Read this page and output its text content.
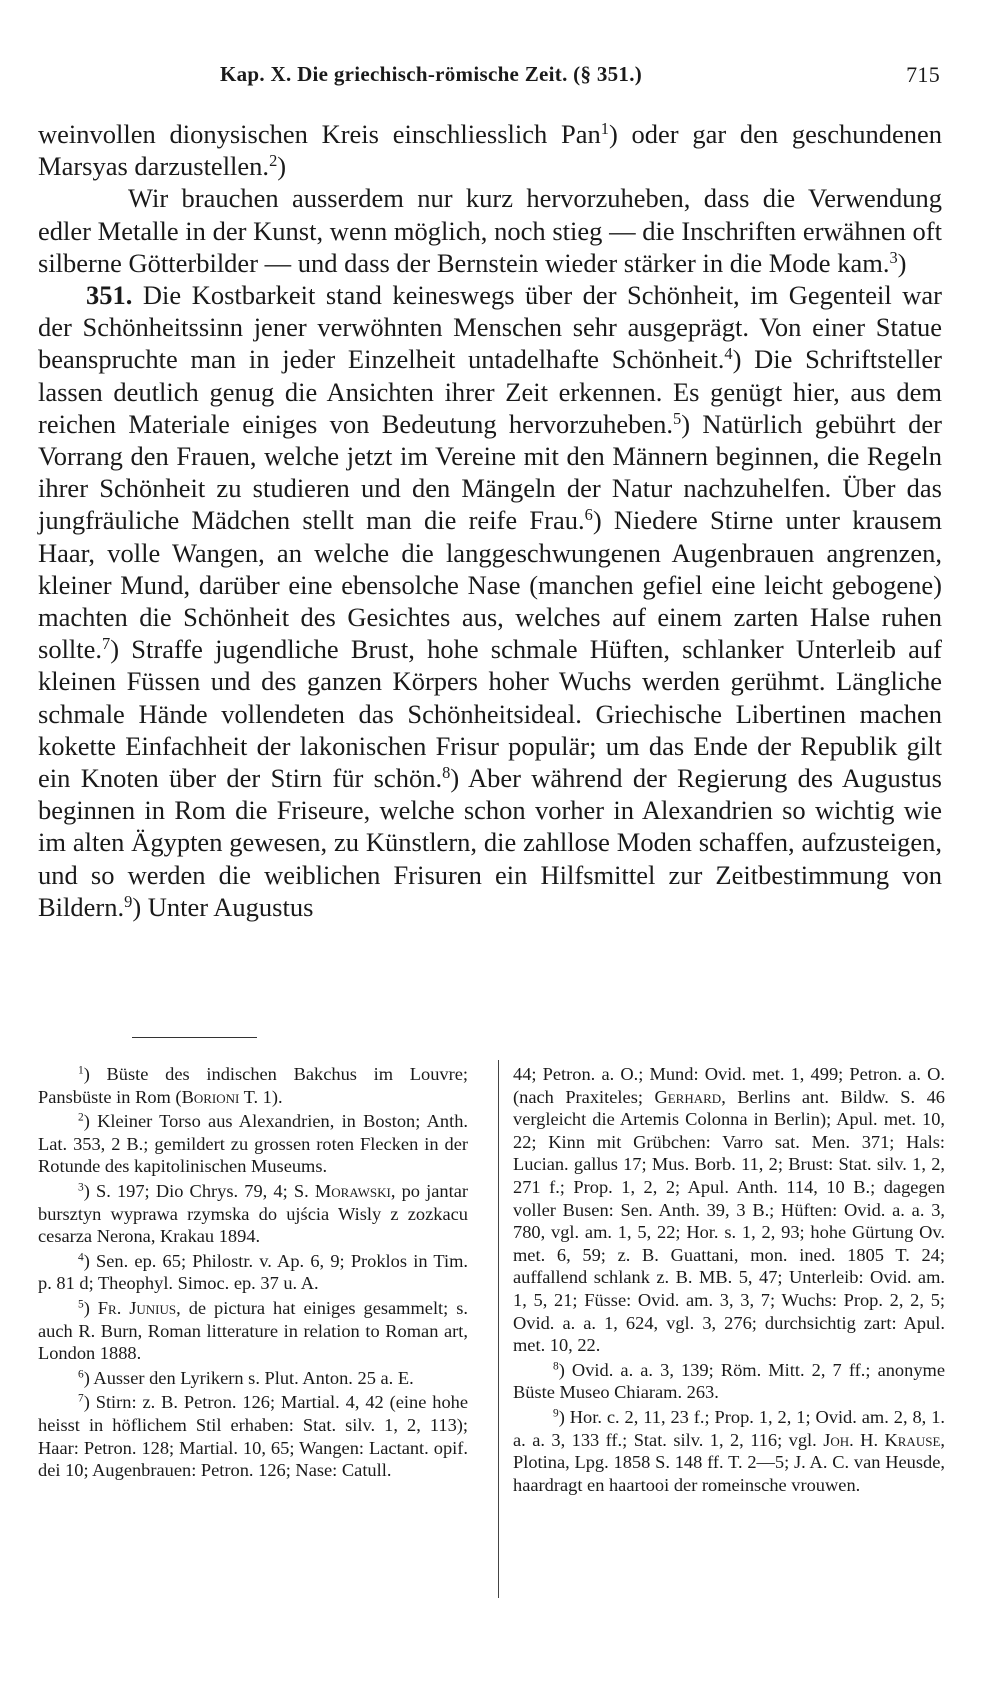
Kap. X. Die griechisch-römische Zeit. (§ 351.)	715

weinvollen dionysischen Kreis einschliesslich Pan$^1$) oder gar den geschundenen Marsyas darzustellen.$^2$)

Wir brauchen ausserdem nur kurz hervorzuheben, dass die Verwendung edler Metalle in der Kunst, wenn möglich, noch stieg — die Inschriften erwähnen oft silberne Götterbilder — und dass der Bernstein wieder stärker in die Mode kam.$^3$)

351. Die Kostbarkeit stand keineswegs über der Schönheit, im Gegenteil war der Schönheitssinn jener verwöhnten Menschen sehr ausgeprägt. Von einer Statue beanspruchte man in jeder Einzelheit untadelhafte Schönheit.$^4$) Die Schriftsteller lassen deutlich genug die Ansichten ihrer Zeit erkennen. Es genügt hier, aus dem reichen Materiale einiges von Bedeutung hervorzuheben.$^5$) Natürlich gebührt der Vorrang den Frauen, welche jetzt im Vereine mit den Männern beginnen, die Regeln ihrer Schönheit zu studieren und den Mängeln der Natur nachzuhelfen. Über das jungfräuliche Mädchen stellt man die reife Frau.$^6$) Niedere Stirne unter krausem Haar, volle Wangen, an welche die langgeschwungenen Augenbrauen angrenzen, kleiner Mund, darüber eine ebensolche Nase (manchen gefiel eine leicht gebogene) machten die Schönheit des Gesichtes aus, welches auf einem zarten Halse ruhen sollte.$^7$) Straffe jugendliche Brust, hohe schmale Hüften, schlanker Unterleib auf kleinen Füssen und des ganzen Körpers hoher Wuchs werden gerühmt. Längliche schmale Hände vollendeten das Schönheitsideal. Griechische Libertinen machen kokette Einfachheit der lakonischen Frisur populär; um das Ende der Republik gilt ein Knoten über der Stirn für schön.$^8$) Aber während der Regierung des Augustus beginnen in Rom die Friseure, welche schon vorher in Alexandrien so wichtig wie im alten Ägypten gewesen, zu Künstlern, die zahllose Moden schaffen, aufzusteigen, und so werden die weiblichen Frisuren ein Hilfsmittel zur Zeitbestimmung von Bildern.$^9$) Unter Augustus

$^1$) Büste des indischen Bakchus im Louvre; Pansbüste in Rom (Borioni T. 1).

$^2$) Kleiner Torso aus Alexandrien, in Boston; Anth. Lat. 353, 2 B.; gemildert zu grossen roten Flecken in der Rotunde des kapitolinischen Museums.

$^3$) S. 197; Dio Chrys. 79, 4; S. Morawski, po jantar bursztyn wyprawa rzymska do ujścia Wisly z zozkacu cesarza Nerona, Krakau 1894.

$^4$) Sen. ep. 65; Philostr. v. Ap. 6, 9; Proklos in Tim. p. 81 d; Theophyl. Simoc. ep. 37 u. A.

$^5$) Fr. Junius, de pictura hat einiges gesammelt; s. auch R. Burn, Roman litterature in relation to Roman art, London 1888.

$^6$) Ausser den Lyrikern s. Plut. Anton. 25 a. E.

$^7$) Stirn: z. B. Petron. 126; Martial. 4, 42 (eine hohe heisst in höflichem Stil erhaben: Stat. silv. 1, 2, 113); Haar: Petron. 128; Martial. 10, 65; Wangen: Lactant. opif. dei 10; Augenbrauen: Petron. 126; Nase: Catull.

44; Petron. a. O.; Mund: Ovid. met. 1, 499; Petron. a. O. (nach Praxiteles; Gerhard, Berlins ant. Bildw. S. 46 vergleicht die Artemis Colonna in Berlin); Apul. met. 10, 22; Kinn mit Grübchen: Varro sat. Men. 371; Hals: Lucian. gallus 17; Mus. Borb. 11, 2; Brust: Stat. silv. 1, 2, 271 f.; Prop. 1, 2, 2; Apul. Anth. 114, 10 B.; dagegen voller Busen: Sen. Anth. 39, 3 B.; Hüften: Ovid. a. a. 3, 780, vgl. am. 1, 5, 22; Hor. s. 1, 2, 93; hohe Gürtung Ov. met. 6, 59; z. B. Guattani, mon. ined. 1805 T. 24; auffallend schlank z. B. MB. 5, 47; Unterleib: Ovid. am. 1, 5, 21; Füsse: Ovid. am. 3, 3, 7; Wuchs: Prop. 2, 2, 5; Ovid. a. a. 1, 624, vgl. 3, 276; durchsichtig zart: Apul. met. 10, 22.

$^8$) Ovid. a. a. 3, 139; Röm. Mitt. 2, 7 ff.; anonyme Büste Museo Chiaram. 263.

$^9$) Hor. c. 2, 11, 23 f.; Prop. 1, 2, 1; Ovid. am. 2, 8, 1. a. a. 3, 133 ff.; Stat. silv. 1, 2, 116; vgl. Joh. H. Krause, Plotina, Lpg. 1858 S. 148 ff. T. 2—5; J. A. C. van Heusde, haardragt en haartooi der romeinsche vrouwen.
